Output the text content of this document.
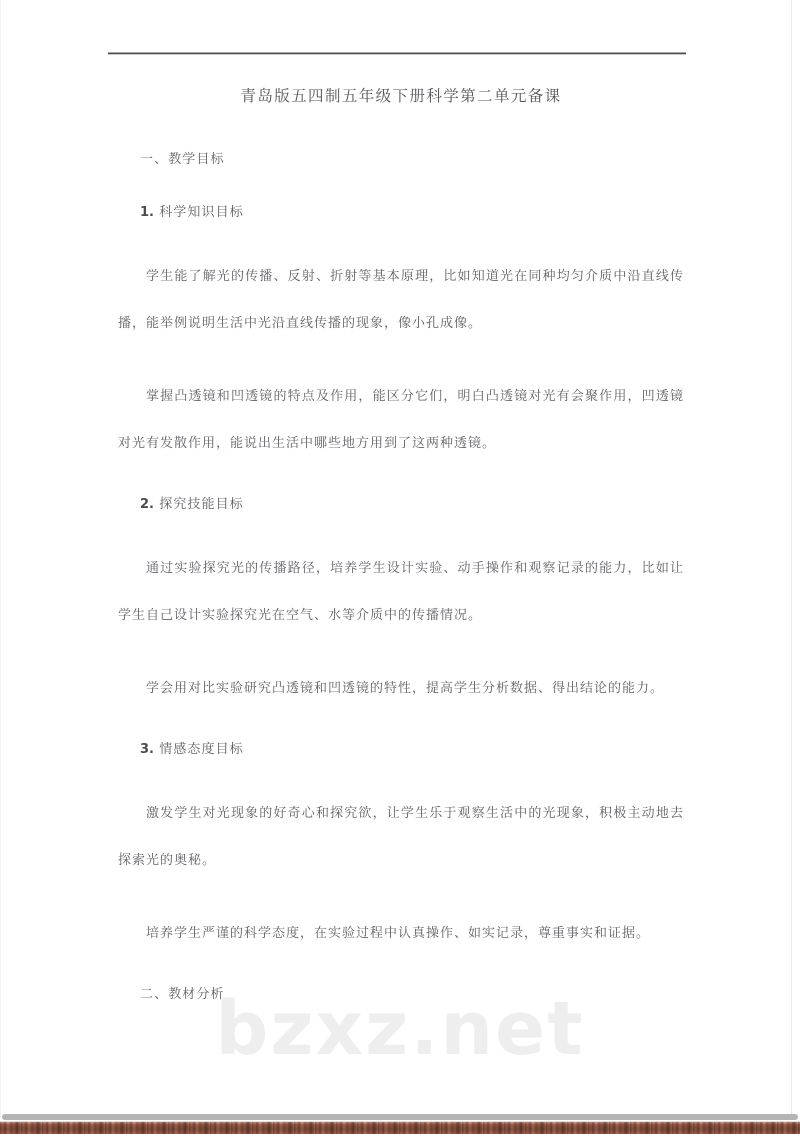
青岛版五四制五年级下册科学第二单元备课
一、教学目标
1. 科学知识目标

学生能了解光的传播、反射、折射等基本原理，比如知道光在同种均匀介质中沿直线传播，能举例说明生活中光沿直线传播的现象，像小孔成像。

掌握凸透镜和凹透镜的特点及作用，能区分它们，明白凸透镜对光有会聚作用，凹透镜对光有发散作用，能说出生活中哪些地方用到了这两种透镜。

2. 探究技能目标

通过实验探究光的传播路径，培养学生设计实验、动手操作和观察记录的能力，比如让学生自己设计实验探究光在空气、水等介质中的传播情况。

学会用对比实验研究凸透镜和凹透镜的特性，提高学生分析数据、得出结论的能力。

3. 情感态度目标

激发学生对光现象的好奇心和探究欲，让学生乐于观察生活中的光现象，积极主动地去探索光的奥秘。

培养学生严谨的科学态度，在实验过程中认真操作、如实记录，尊重事实和证据。

二、教材分析
bzxz.net
